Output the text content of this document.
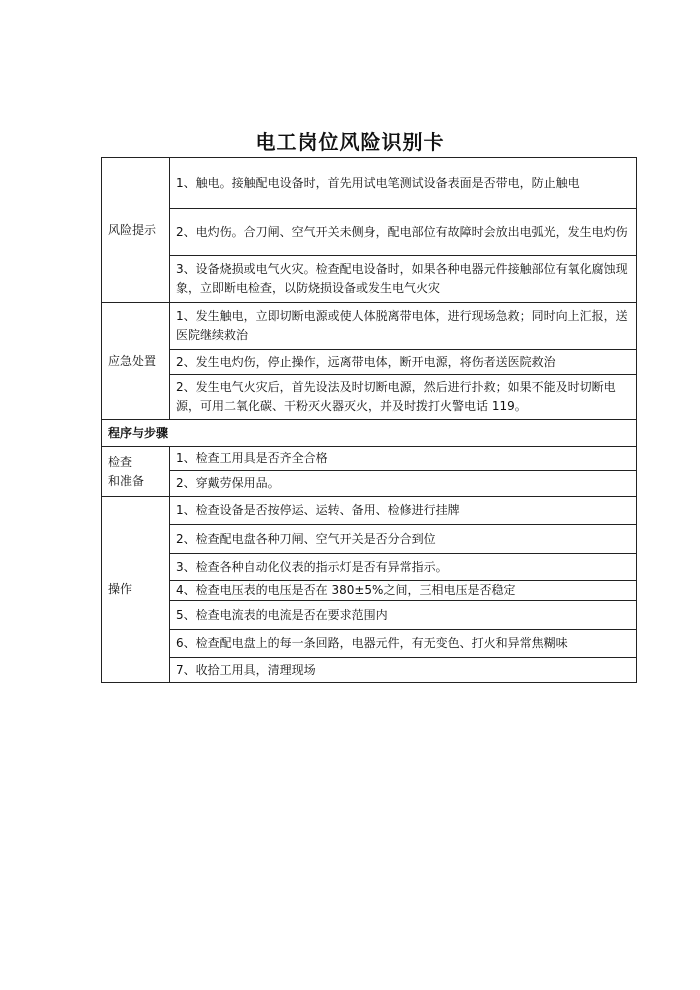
电工岗位风险识别卡
风险提示	1、触电。接触配电设备时，首先用试电笔测试设备表面是否带电，防止触电
	2、电灼伤。合刀闸、空气开关未侧身，配电部位有故障时会放出电弧光，发生电灼伤
	3、设备烧损或电气火灾。检查配电设备时，如果各种电器元件接触部位有氧化腐蚀现象，立即断电检查，以防烧损设备或发生电气火灾
应急处置	1、发生触电，立即切断电源或使人体脱离带电体，进行现场急救；同时向上汇报，送医院继续救治
	2、发生电灼伤，停止操作，远离带电体，断开电源，将伤者送医院救治
	2、发生电气火灾后，首先设法及时切断电源，然后进行扑救；如果不能及时切断电源，可用二氧化碳、干粉灭火器灭火，并及时拨打火警电话 119。
程序与步骤	

检查
和准备	1、检查工用具是否齐全合格
	2、穿戴劳保用品。
操作	1、检查设备是否按停运、运转、备用、检修进行挂牌
	2、检查配电盘各种刀闸、空气开关是否分合到位
	3、检查各种自动化仪表的指示灯是否有异常指示。
	4、检查电压表的电压是否在 380±5%之间，三相电压是否稳定
	5、检查电流表的电流是否在要求范围内
	6、检查配电盘上的每一条回路，电器元件，有无变色、打火和异常焦糊味
	7、收拾工用具，清理现场
